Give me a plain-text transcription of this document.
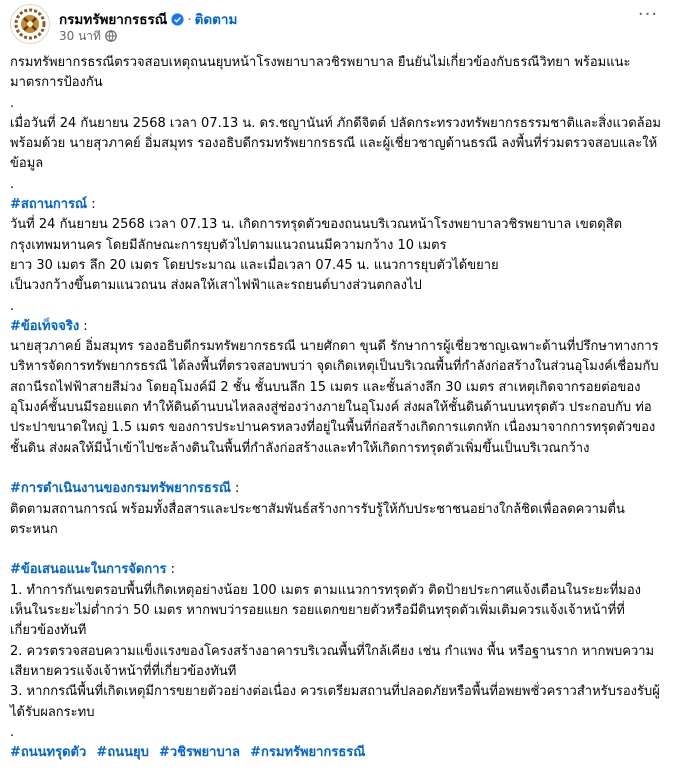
กรมทรัพยากรธรณี · ติดตาม
30 นาที
···

กรมทรัพยากรธรณีตรวจสอบเหตุถนนยุบหน้าโรงพยาบาลวชิรพยาบาล ยืนยันไม่เกี่ยวข้องกับธรณีวิทยา พร้อมแนะมาตรการป้องกัน

.

เมื่อวันที่ 24 กันยายน 2568 เวลา 07.13 น. ดร.ชญานันท์ ภักดีจิตต์ ปลัดกระทรวงทรัพยากรธรรมชาติและสิ่งแวดล้อม พร้อมด้วย นายสุวภาคย์ อิ่มสมุทร รองอธิบดีกรมทรัพยากรธรณี และผู้เชี่ยวชาญด้านธรณี ลงพื้นที่ร่วมตรวจสอบและให้ข้อมูล

.

#สถานการณ์ :

วันที่ 24 กันยายน 2568 เวลา 07.13 น. เกิดการทรุดตัวของถนนบริเวณหน้าโรงพยาบาลวชิรพยาบาล เขตดุสิต

กรุงเทพมหานคร โดยมีลักษณะการยุบตัวไปตามแนวถนนมีความกว้าง 10 เมตร

ยาว 30 เมตร ลึก 20 เมตร โดยประมาณ และเมื่อเวลา 07.45 น. แนวการยุบตัวได้ขยาย

เป็นวงกว้างขึ้นตามแนวถนน ส่งผลให้เสาไฟฟ้าและรถยนต์บางส่วนตกลงไป

.

#ข้อเท็จจริง :

นายสุวภาคย์ อิ่มสมุทร รองอธิบดีกรมทรัพยากรธรณี นายศักดา ขุนดี รักษาการผู้เชี่ยวชาญเฉพาะด้านที่ปรึกษาทางการบริหารจัดการทรัพยากรธรณี ได้ลงพื้นที่ตรวจสอบพบว่า จุดเกิดเหตุเป็นบริเวณพื้นที่กำลังก่อสร้างในส่วนอุโมงค์เชื่อมกับสถานีรถไฟฟ้าสายสีม่วง โดยอุโมงค์มี 2 ชั้น ชั้นบนลึก 15 เมตร และชั้นล่างลึก 30 เมตร สาเหตุเกิดจากรอยต่อของอุโมงค์ชั้นบนมีรอยแตก ทำให้ดินด้านบนไหลลงสู่ช่องว่างภายในอุโมงค์ ส่งผลให้ชั้นดินด้านบนทรุดตัว ประกอบกับ ท่อประปาขนาดใหญ่ 1.5 เมตร ของการประปานครหลวงที่อยู่ในพื้นที่ก่อสร้างเกิดการแตกหัก เนื่องมาจากการทรุดตัวของชั้นดิน ส่งผลให้มีน้ำเข้าไปชะล้างดินในพื้นที่กำลังก่อสร้างและทำให้เกิดการทรุดตัวเพิ่มขึ้นเป็นบริเวณกว้าง

#การดำเนินงานของกรมทรัพยากรธรณี :

ติดตามสถานการณ์ พร้อมทั้งสื่อสารและประชาสัมพันธ์สร้างการรับรู้ให้กับประชาชนอย่างใกล้ชิดเพื่อลดความตื่นตระหนก

#ข้อเสนอแนะในการจัดการ :

1. ทำการกันเขตรอบพื้นที่เกิดเหตุอย่างน้อย 100 เมตร ตามแนวการทรุดตัว ติดป้ายประกาศแจ้งเตือนในระยะที่มองเห็นในระยะไม่ต่ำกว่า 50 เมตร หากพบว่ารอยแยก รอยแตกขยายตัวหรือมีดินทรุดตัวเพิ่มเติมควรแจ้งเจ้าหน้าที่ที่เกี่ยวข้องทันที

2. ควรตรวจสอบความแข็งแรงของโครงสร้างอาคารบริเวณพื้นที่ใกล้เคียง เช่น กำแพง พื้น หรือฐานราก หากพบความเสียหายควรแจ้งเจ้าหน้าที่ที่เกี่ยวข้องทันที

3. หากกรณีพื้นที่เกิดเหตุมีการขยายตัวอย่างต่อเนื่อง ควรเตรียมสถานที่ปลอดภัยหรือพื้นที่อพยพชั่วคราวสำหรับรองรับผู้ได้รับผลกระทบ

.

#ถนนทรุดตัว #ถนนยุบ #วชิรพยาบาล #กรมทรัพยากรธรณี
